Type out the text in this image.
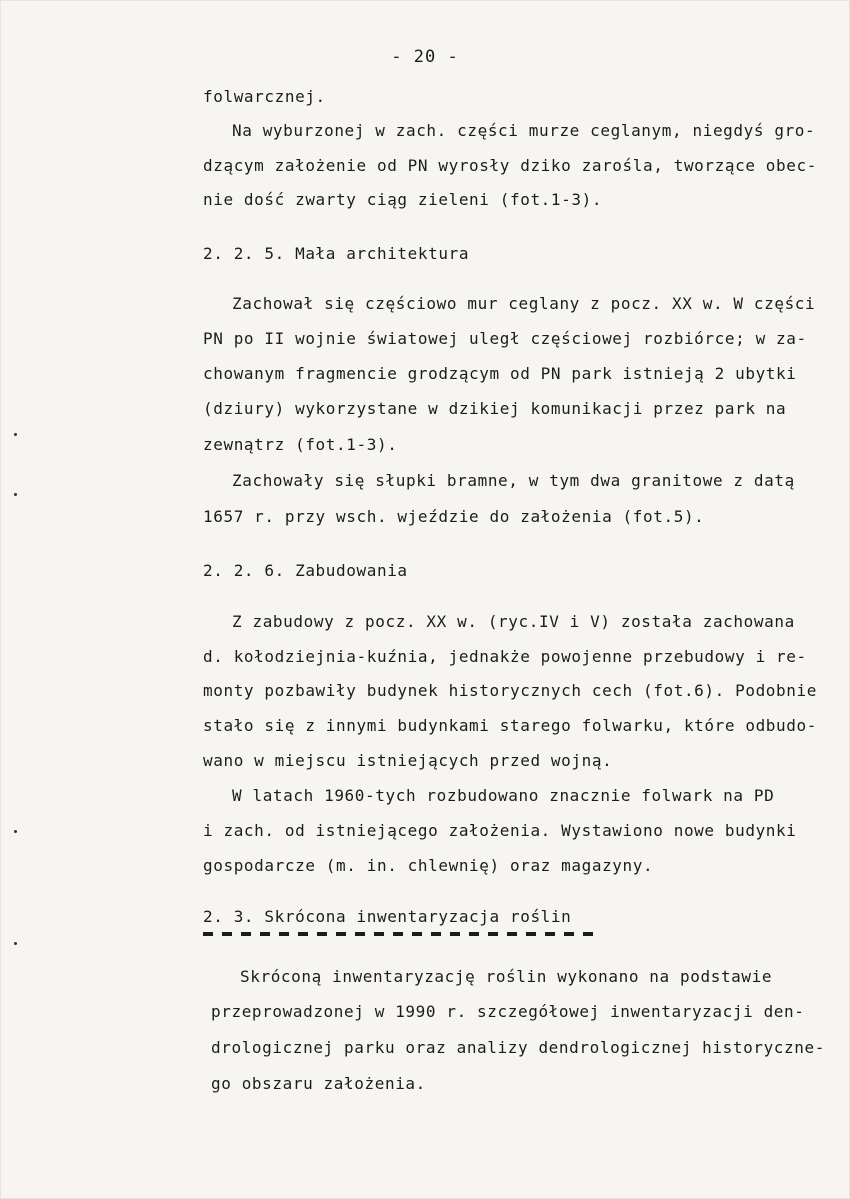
- 20 -
folwarcznej.
Na wyburzonej w zach. części murze ceglanym, niegdyś gro-
dzącym założenie od PN wyrosły dziko zarośla, tworzące obec-
nie dość zwarty ciąg zieleni (fot.1-3).
2. 2. 5. Mała architektura
Zachował się częściowo mur ceglany z pocz. XX w. W części
PN po II wojnie światowej uległ częściowej rozbiórce; w za-
chowanym fragmencie grodzącym od PN park istnieją 2 ubytki
(dziury) wykorzystane w dzikiej komunikacji przez park na
zewnątrz (fot.1-3).
Zachowały się słupki bramne, w tym dwa granitowe z datą
1657 r. przy wsch. wjeździe do założenia (fot.5).
2. 2. 6. Zabudowania
Z zabudowy z pocz. XX w. (ryc.IV i V) została zachowana
d. kołodziejnia-kuźnia, jednakże powojenne przebudowy i re-
monty pozbawiły budynek historycznych cech (fot.6). Podobnie
stało się z innymi budynkami starego folwarku, które odbudo-
wano w miejscu istniejących przed wojną.
W latach 1960-tych rozbudowano znacznie folwark na PD
i zach. od istniejącego założenia. Wystawiono nowe budynki
gospodarcze (m. in. chlewnię) oraz magazyny.
2. 3. Skrócona inwentaryzacja roślin
Skróconą inwentaryzację roślin wykonano na podstawie
przeprowadzonej w 1990 r. szczegółowej inwentaryzacji den-
drologicznej parku oraz analizy dendrologicznej historyczne-
go obszaru założenia.
